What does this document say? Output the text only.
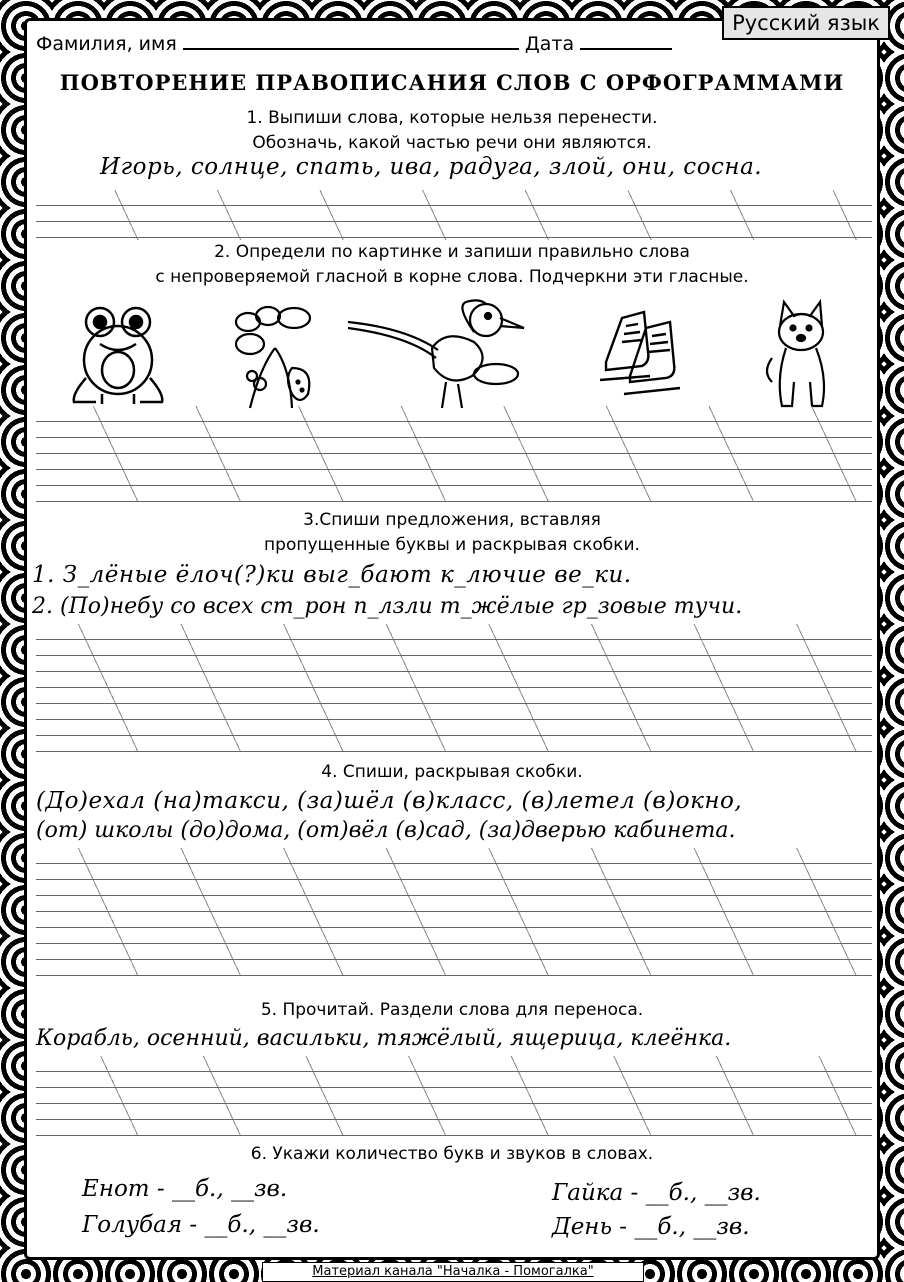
Русский язык
Фамилия, имя	Дата
ПОВТОРЕНИЕ ПРАВОПИСАНИЯ СЛОВ С ОРФОГРАММАМИ
1. Выпиши слова, которые нельзя перенести.
Обозначь, какой частью речи они являются.
Игорь, солнце, спать, ива, радуга, злой, они, сосна.
2. Определи по картинке и запиши правильно слова
с непроверяемой гласной в корне слова. Подчеркни эти гласные.
3.Спиши предложения, вставляя
пропущенные буквы и раскрывая скобки.
1. З_лёные ёлоч(?)ки выг_бают к_лючие ве_ки.
2. (По)небу со всех ст_рон п_лзли т_жёлые гр_зовые тучи.
4. Спиши, раскрывая скобки.
(До)ехал (на)такси, (за)шёл (в)класс, (в)летел (в)окно,
(от) школы (до)дома, (от)вёл (в)сад, (за)дверью кабинета.
5. Прочитай. Раздели слова для переноса.
Корабль, осенний, васильки, тяжёлый, ящерица, клеёнка.
6. Укажи количество букв и звуков в словах.
Енот - __б., __зв.
Голубая - __б., __зв.
Гайка - __б., __зв.
День - __б., __зв.
Материал канала "Началка - Помогалка"
